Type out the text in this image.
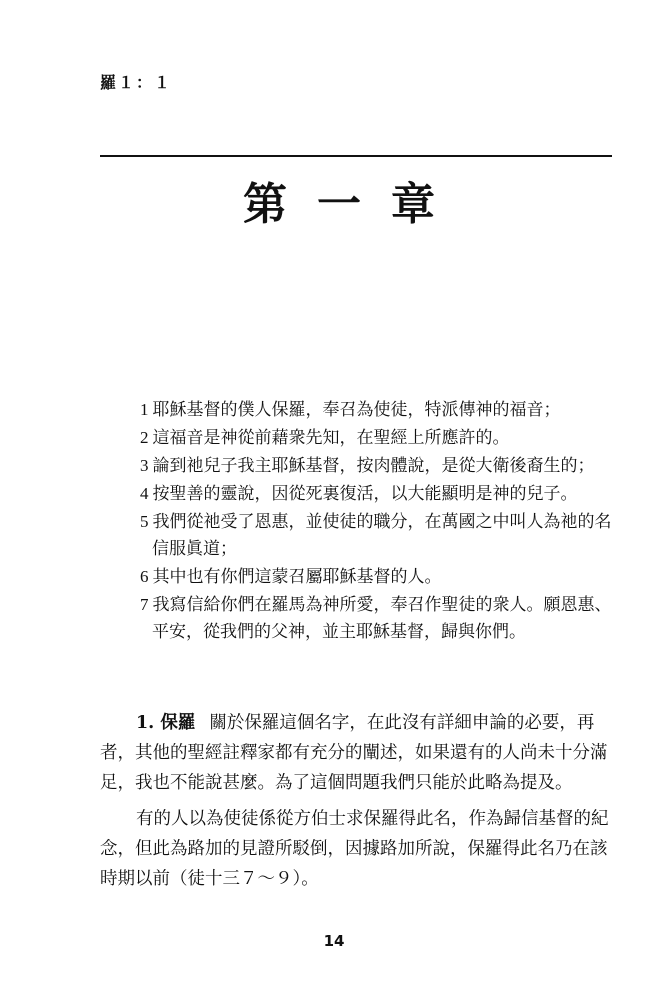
羅１：１
第一章

1 耶穌基督的僕人保羅，奉召為使徒，特派傳神的福音；

2 這福音是神從前藉衆先知，在聖經上所應許的。

3 論到祂兒子我主耶穌基督，按肉體說，是從大衛後裔生的；

4 按聖善的靈說，因從死裏復活，以大能顯明是神的兒子。

5 我們從祂受了恩惠，並使徒的職分，在萬國之中叫人為祂的名信服眞道；

6 其中也有你們這蒙召屬耶穌基督的人。

7 我寫信給你們在羅馬為神所愛，奉召作聖徒的衆人。願恩惠、平安，從我們的父神，並主耶穌基督，歸與你們。

1. 保羅 關於保羅這個名字，在此沒有詳細申論的必要，再者，其他的聖經註釋家都有充分的闡述，如果還有的人尚未十分滿足，我也不能說甚麼。為了這個問題我們只能於此略為提及。

有的人以為使徒係從方伯士求保羅得此名，作為歸信基督的紀念，但此為路加的見證所駁倒，因據路加所說，保羅得此名乃在該時期以前（徒十三７～９）。

14
